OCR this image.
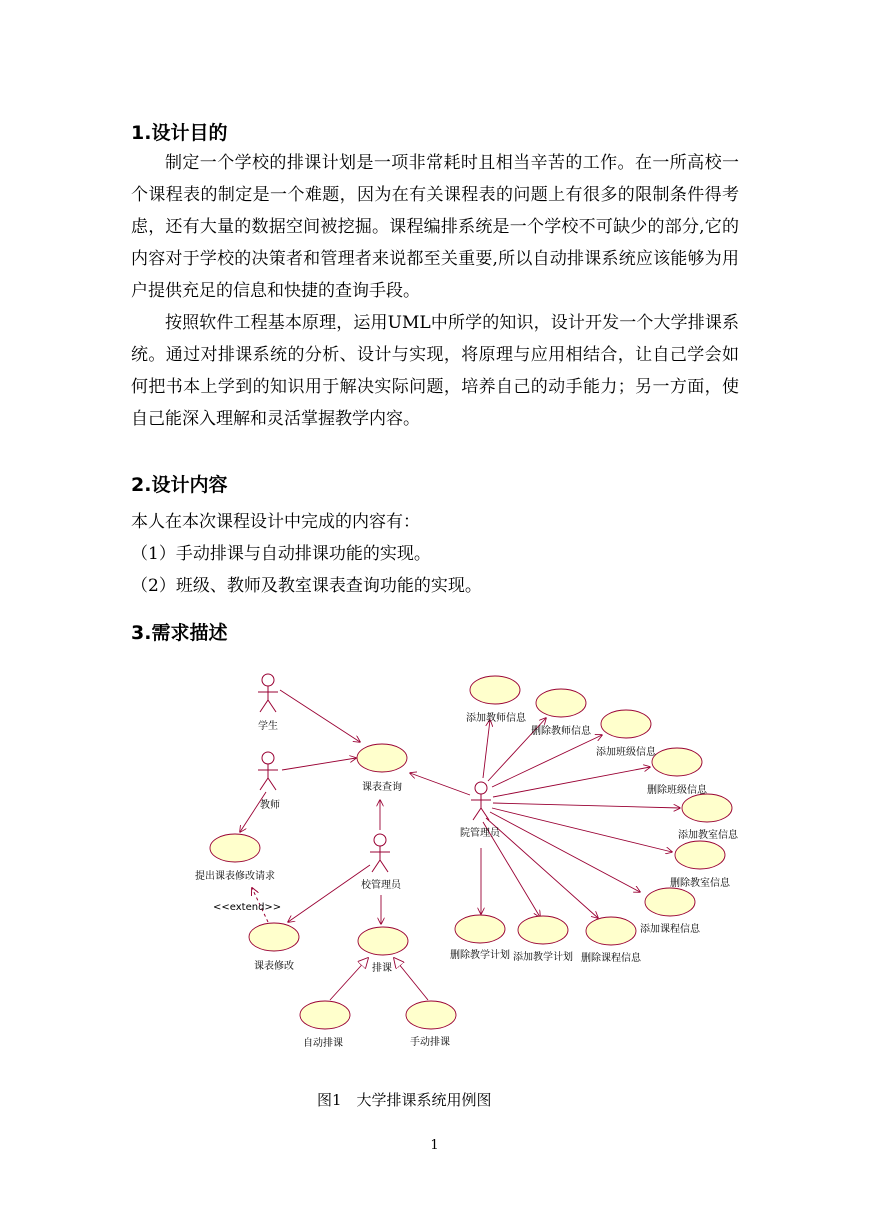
1.设计目的

制定一个学校的排课计划是一项非常耗时且相当辛苦的工作。在一所高校一个课程表的制定是一个难题，因为在有关课程表的问题上有很多的限制条件得考虑，还有大量的数据空间被挖掘。课程编排系统是一个学校不可缺少的部分,它的内容对于学校的决策者和管理者来说都至关重要,所以自动排课系统应该能够为用户提供充足的信息和快捷的查询手段。

按照软件工程基本原理，运用UML中所学的知识，设计开发一个大学排课系统。通过对排课系统的分析、设计与实现，将原理与应用相结合，让自己学会如何把书本上学到的知识用于解决实际问题，培养自己的动手能力；另一方面，使自己能深入理解和灵活掌握教学内容。

2.设计内容

本人在本次课程设计中完成的内容有：

（1）手动排课与自动排课功能的实现。

（2）班级、教师及教室课表查询功能的实现。

3.需求描述
<<extend>>
学生
教师
校管理员
院管理员
课表查询
提出课表修改请求
课表修改	排课
自动排课	手动排课
添加教师信息
删除教师信息
添加班级信息
删除班级信息
添加教室信息
删除教室信息
添加课程信息
删除教学计划 添加教学计划 删除课程信息

图1　大学排课系统用例图

1
